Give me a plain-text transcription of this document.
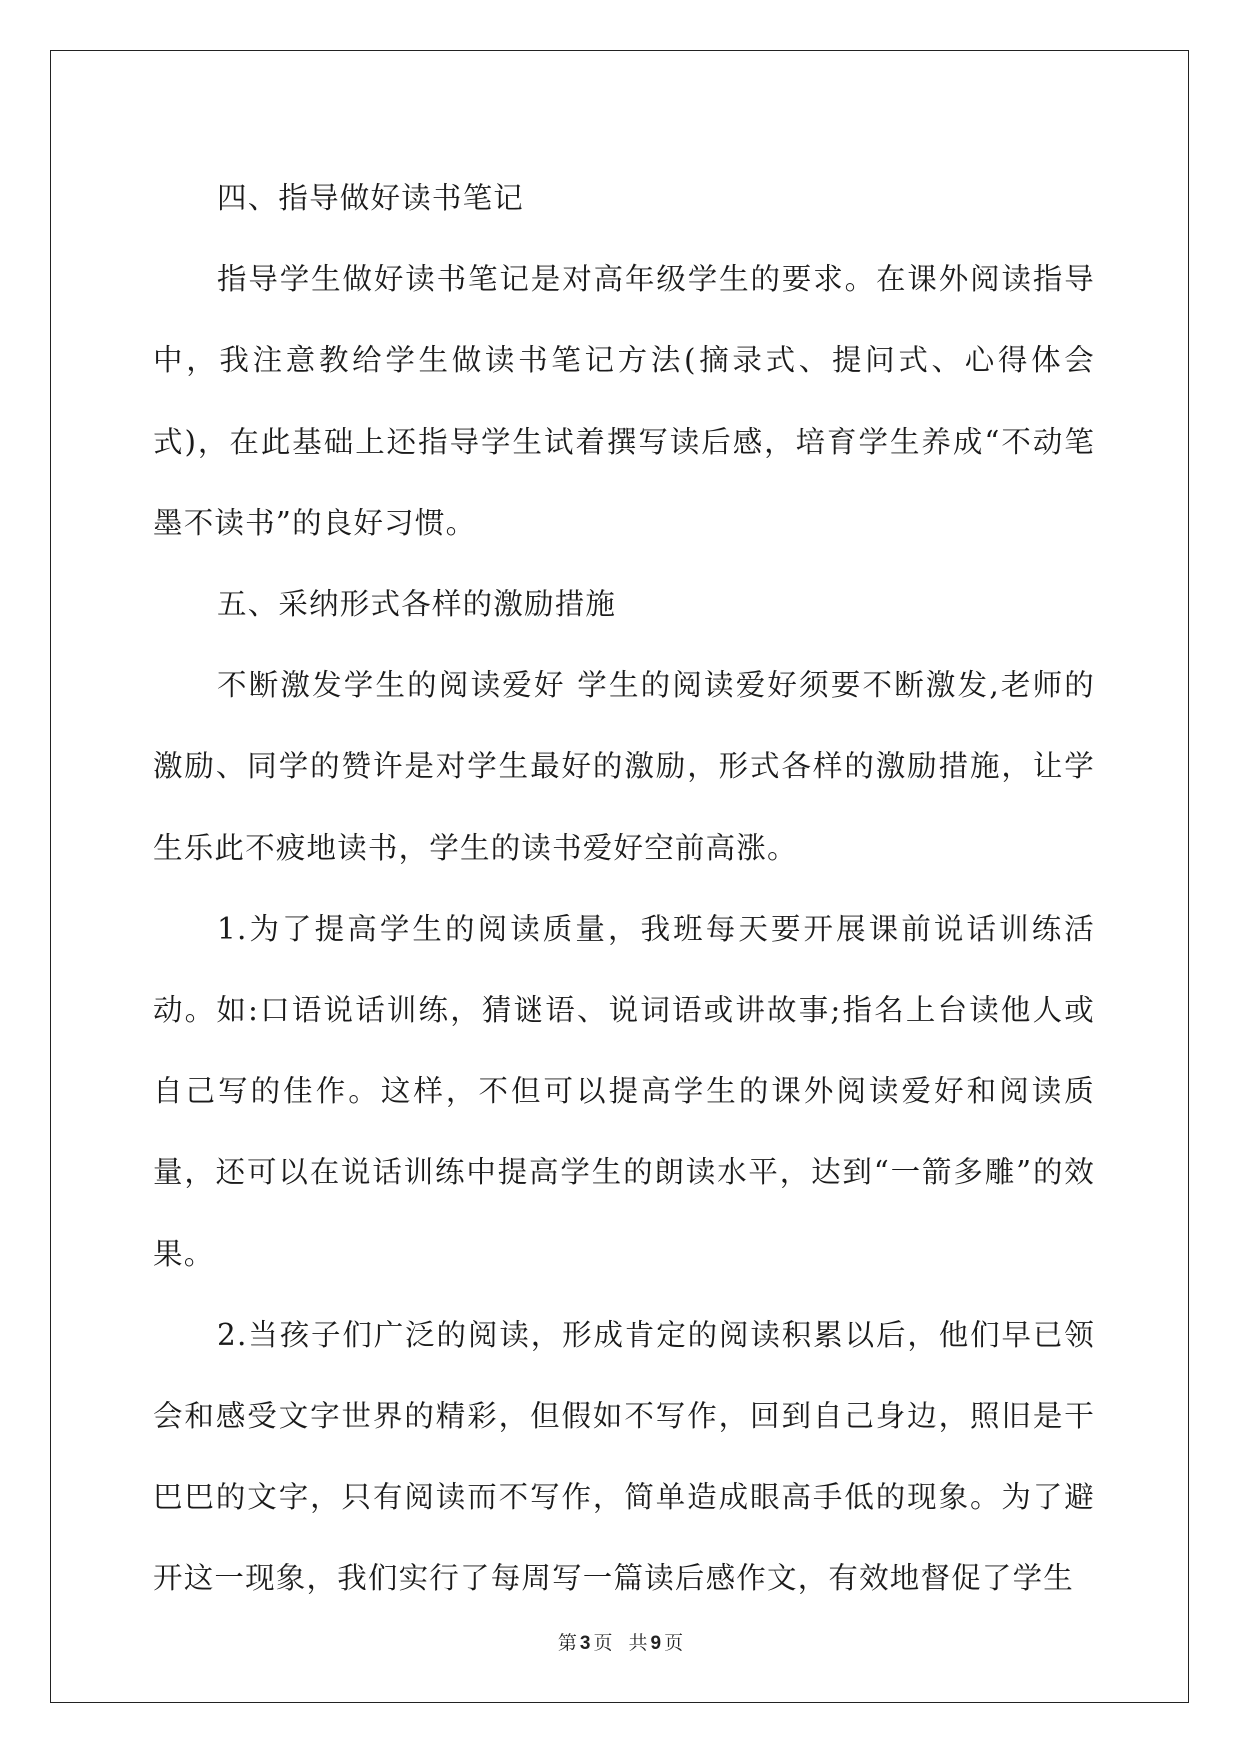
四、指导做好读书笔记

指导学生做好读书笔记是对高年级学生的要求。在课外阅读指导中，我注意教给学生做读书笔记方法(摘录式、提问式、心得体会式)，在此基础上还指导学生试着撰写读后感，培育学生养成“不动笔墨不读书”的良好习惯。

五、采纳形式各样的激励措施

不断激发学生的阅读爱好 学生的阅读爱好须要不断激发,老师的激励、同学的赞许是对学生最好的激励，形式各样的激励措施，让学生乐此不疲地读书，学生的读书爱好空前高涨。

1.为了提高学生的阅读质量，我班每天要开展课前说话训练活动。如:口语说话训练，猜谜语、说词语或讲故事;指名上台读他人或自己写的佳作。这样，不但可以提高学生的课外阅读爱好和阅读质量，还可以在说话训练中提高学生的朗读水平，达到“一箭多雕”的效果。

2.当孩子们广泛的阅读，形成肯定的阅读积累以后，他们早已领会和感受文字世界的精彩，但假如不写作，回到自己身边，照旧是干巴巴的文字，只有阅读而不写作，简单造成眼高手低的现象。为了避开这一现象，我们实行了每周写一篇读后感作文，有效地督促了学生

第 3 页 共 9 页
